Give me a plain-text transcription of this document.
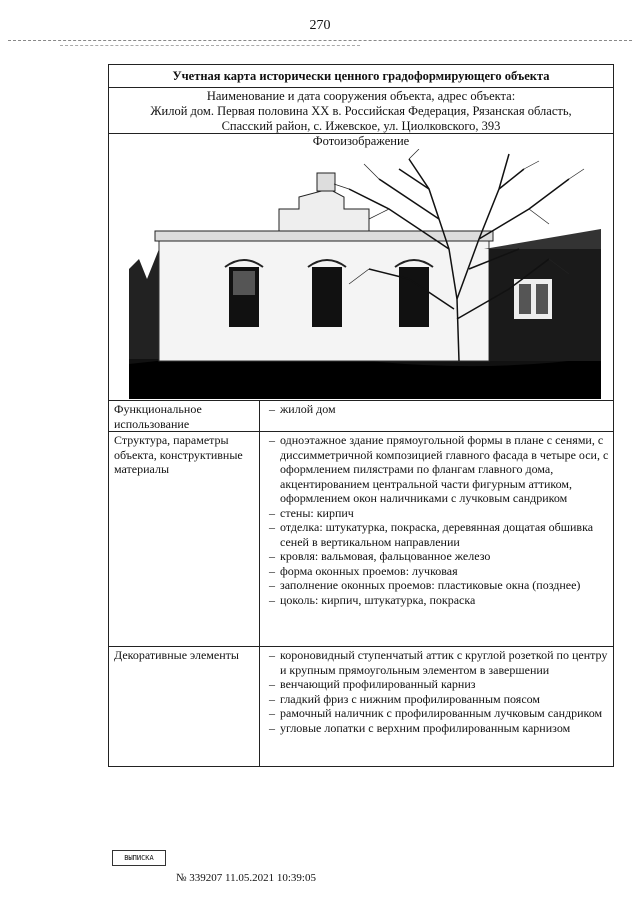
270
Учетная карта исторически ценного градоформирующего объекта
Наименование и дата сооружения объекта, адрес объекта:
Жилой дом. Первая половина XX в. Российская Федерация, Рязанская область,
Спасский район, с. Ижевское, ул. Циолковского, 393
Фотоизображение
Функциональное использование
– жилой дом
Структура, параметры объекта, конструктивные материалы
– одноэтажное здание прямоугольной формы в плане с сенями, с диссимметричной композицией главного фасада в четыре оси, с оформлением пилястрами по флангам главного дома, акцентированием центральной части фигурным аттиком, оформлением окон наличниками с лучковым сандриком
– стены: кирпич
– отделка: штукатурка, покраска, деревянная дощатая обшивка сеней в вертикальном направлении
– кровля: вальмовая, фальцованное железо
– форма оконных проемов: лучковая
– заполнение оконных проемов: пластиковые окна (позднее)
– цоколь: кирпич, штукатурка, покраска
Декоративные элементы	– короновидный ступенчатый аттик с круглой розеткой по центру и крупным прямоугольным элементом в завершении
– венчающий профилированный карниз
– гладкий фриз с нижним профилированным поясом
– рамочный наличник с профилированным лучковым сандриком
– угловые лопатки с верхним профилированным карнизом
ВЫПИСКА
№ 339207 11.05.2021 10:39:05
